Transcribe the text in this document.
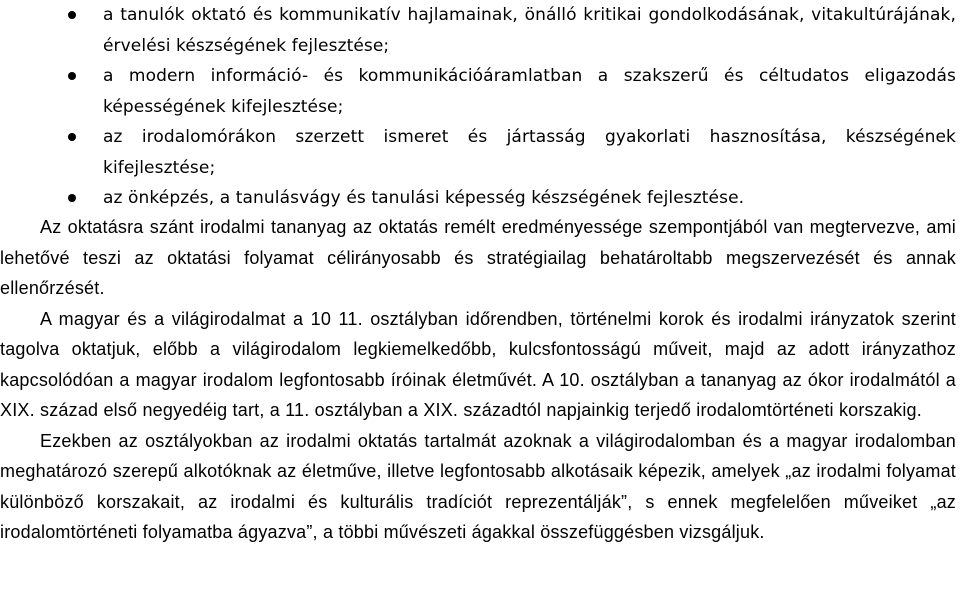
a tanulók oktató és kommunikatív hajlamainak, önálló kritikai gondolkodásának, vitakultúrájának, érvelési készségének fejlesztése;
a modern információ- és kommunikációáramlatban a szakszerű és céltudatos eligazodás képességének kifejlesztése;
az irodalomórákon szerzett ismeret és jártasság gyakorlati hasznosítása, készségének kifejlesztése;
az önképzés, a tanulásvágy és tanulási képesség készségének fejlesztése.

Az oktatásra szánt irodalmi tananyag az oktatás remélt eredményessége szempontjából van megtervezve, ami lehetővé teszi az oktatási folyamat célirányosabb és stratégiailag behatároltabb megszervezését és annak ellenőrzését.

A magyar és a világirodalmat a 10 11. osztályban időrendben, történelmi korok és irodalmi irányzatok szerint tagolva oktatjuk, előbb a világirodalom legkiemelkedőbb, kulcsfontosságú műveit, majd az adott irányzathoz kapcsolódóan a magyar irodalom legfontosabb íróinak életművét. A 10. osztályban a tananyag az ókor irodalmától a XIX. század első negyedéig tart, a 11. osztályban a XIX. századtól napjainkig terjedő irodalomtörténeti korszakig.

Ezekben az osztályokban az irodalmi oktatás tartalmát azoknak a világirodalomban és a magyar irodalomban meghatározó szerepű alkotóknak az életműve, illetve legfontosabb alkotásaik képezik, amelyek „az irodalmi folyamat különböző korszakait, az irodalmi és kulturális tradíciót reprezentálják”, s ennek megfelelően műveiket „az irodalomtörténeti folyamatba ágyazva”, a többi művészeti ágakkal összefüggésben vizsgáljuk.
